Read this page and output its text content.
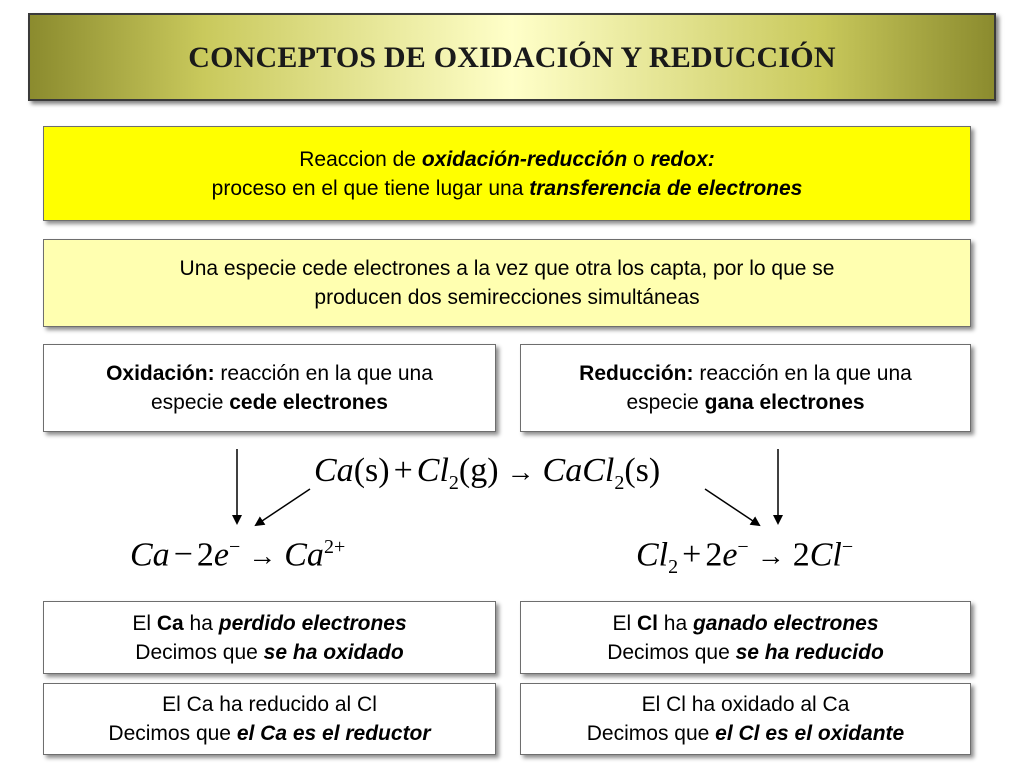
CONCEPTOS DE OXIDACIÓN Y REDUCCIÓN
Reaccion de oxidación-reducción o redox:
proceso en el que tiene lugar una transferencia de electrones
Una especie cede electrones a la vez que otra los capta, por lo que se
producen dos semirecciones simultáneas
Oxidación: reacción en la que una
especie cede electrones
Reducción: reacción en la que una
especie gana electrones
$Ca(s) + Cl_2(g)$ → CaCl$_2$(s)
$Ca - 2e^- \to Ca^{2+}$	$Cl_2 + 2e^- \to 2Cl^-$
El Ca ha perdido electrones
Decimos que se ha oxidado
El Cl ha ganado electrones
Decimos que se ha reducido
El Ca ha reducido al Cl
Decimos que el Ca es el reductor
El Cl ha oxidado al Ca
Decimos que el Cl es el oxidante
